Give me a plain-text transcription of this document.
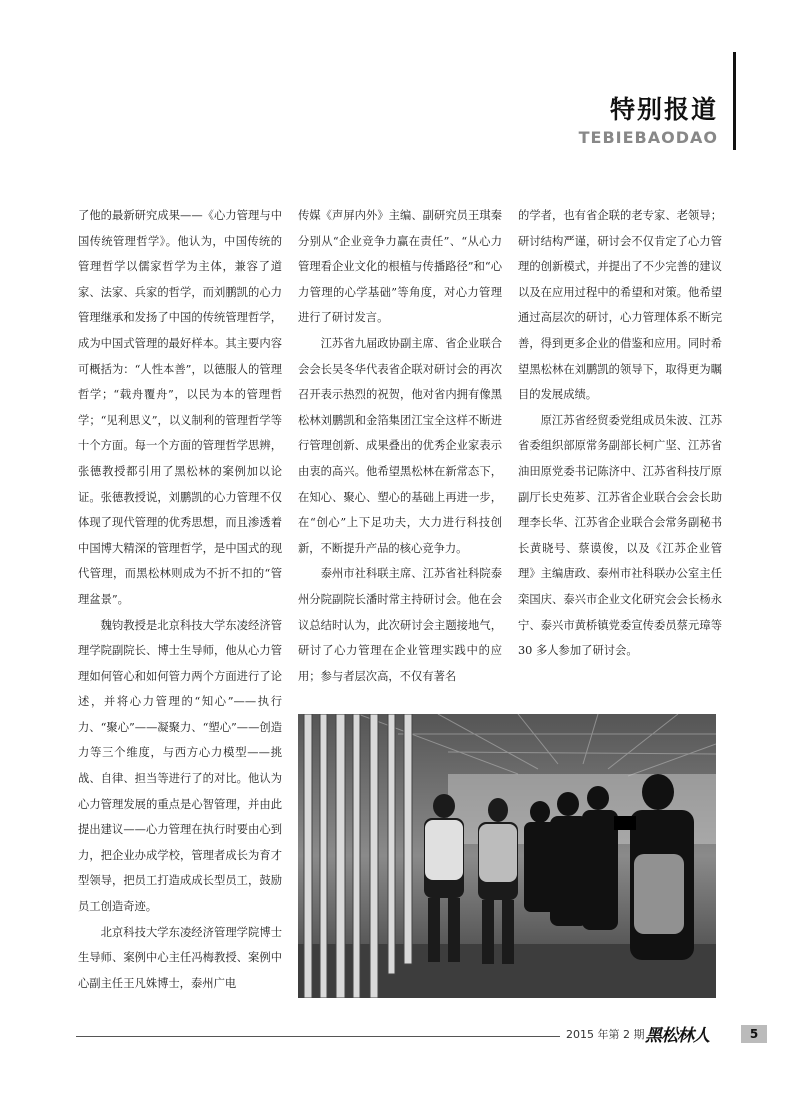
特别报道
TEBIEBAODAO

了他的最新研究成果——《心力管理与中国传统管理哲学》。他认为，中国传统的管理哲学以儒家哲学为主体，兼容了道家、法家、兵家的哲学，而刘鹏凯的心力管理继承和发扬了中国的传统管理哲学，成为中国式管理的最好样本。其主要内容可概括为：“人性本善”，以德服人的管理哲学；“载舟覆舟”，以民为本的管理哲学；“见利思义”，以义制利的管理哲学等十个方面。每一个方面的管理哲学思辨，张德教授都引用了黑松林的案例加以论证。张德教授说，刘鹏凯的心力管理不仅体现了现代管理的优秀思想，而且渗透着中国博大精深的管理哲学，是中国式的现代管理，而黑松林则成为不折不扣的“管理盆景”。

魏钧教授是北京科技大学东凌经济管理学院副院长、博士生导师，他从心力管理如何管心和如何管力两个方面进行了论述，并将心力管理的“知心”——执行力、“聚心”——凝聚力、“塑心”——创造力等三个维度，与西方心力模型——挑战、自律、担当等进行了的对比。他认为心力管理发展的重点是心智管理，并由此提出建议——心力管理在执行时要由心到力，把企业办成学校，管理者成长为育才型领导，把员工打造成成长型员工，鼓励员工创造奇迹。

北京科技大学东凌经济管理学院博士生导师、案例中心主任冯梅教授、案例中心副主任王凡姝博士，泰州广电

传媒《声屏内外》主编、副研究员王琪秦分别从“企业竞争力赢在责任”、“从心力管理看企业文化的根植与传播路径”和“心力管理的心学基础”等角度，对心力管理进行了研讨发言。

江苏省九届政协副主席、省企业联合会会长吴冬华代表省企联对研讨会的再次召开表示热烈的祝贺，他对省内拥有像黑松林刘鹏凯和金箔集团江宝全这样不断进行管理创新、成果叠出的优秀企业家表示由衷的高兴。他希望黑松林在新常态下，在知心、聚心、塑心的基础上再进一步，在“创心”上下足功夫，大力进行科技创新，不断提升产品的核心竞争力。

泰州市社科联主席、江苏省社科院泰州分院副院长潘时常主持研讨会。他在会议总结时认为，此次研讨会主题接地气，研讨了心力管理在企业管理实践中的应用；参与者层次高，不仅有著名

的学者，也有省企联的老专家、老领导；研讨结构严谨，研讨会不仅肯定了心力管理的创新模式，并提出了不少完善的建议以及在应用过程中的希望和对策。他希望通过高层次的研讨，心力管理体系不断完善，得到更多企业的借鉴和应用。同时希望黑松林在刘鹏凯的领导下，取得更为瞩目的发展成绩。

原江苏省经贸委党组成员朱波、江苏省委组织部原常务副部长柯广坚、江苏省油田原党委书记陈济中、江苏省科技厅原副厅长史苑芗、江苏省企业联合会会长助理李长华、江苏省企业联合会常务副秘书长黄晓号、蔡谟俊，以及《江苏企业管理》主编唐政、泰州市社科联办公室主任栾国庆、泰兴市企业文化研究会会长杨永宁、泰兴市黄桥镇党委宣传委员蔡元璋等 30 多人参加了研讨会。

2015 年第 2 期 黑松林人	5
